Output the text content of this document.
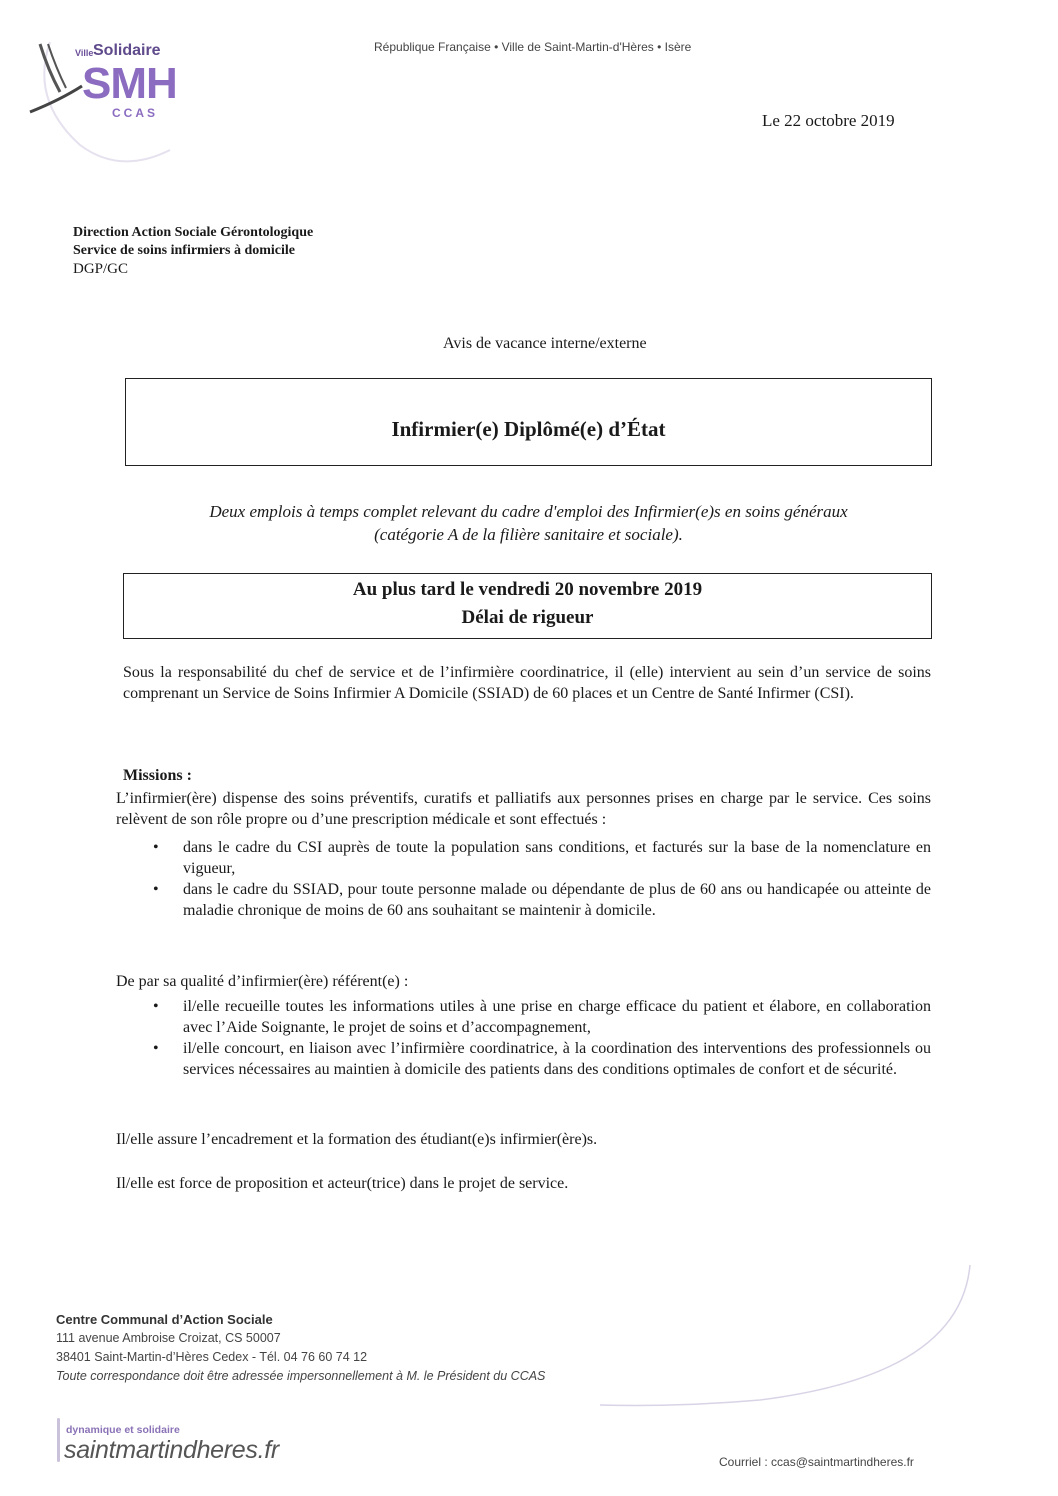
Ville Solidaire
SMH
CCAS
République Française • Ville de Saint-Martin-d'Hères • Isère
Le 22 octobre 2019
Direction Action Sociale Gérontologique
Service de soins infirmiers à domicile
DGP/GC
Avis de vacance interne/externe
Infirmier(e) Diplômé(e) d’État
Deux emplois à temps complet relevant du cadre d'emploi des Infirmier(e)s en soins généraux
(catégorie A de la filière sanitaire et sociale).
Au plus tard le vendredi 20 novembre 2019
Délai de rigueur
Sous la responsabilité du chef de service et de l’infirmière coordinatrice, il (elle) intervient au sein d’un service de soins comprenant un Service de Soins Infirmier A Domicile (SSIAD) de 60 places et un Centre de Santé Infirmer (CSI).
Missions :
L’infirmier(ère) dispense des soins préventifs, curatifs et palliatifs aux personnes prises en charge par le service. Ces soins relèvent de son rôle propre ou d’une prescription médicale et sont effectués :
• dans le cadre du CSI auprès de toute la population sans conditions, et facturés sur la base de la nomenclature en vigueur,
• dans le cadre du SSIAD, pour toute personne malade ou dépendante de plus de 60 ans ou handicapée ou atteinte de maladie chronique de moins de 60 ans souhaitant se maintenir à domicile.
De par sa qualité d’infirmier(ère) référent(e) :
• il/elle recueille toutes les informations utiles à une prise en charge efficace du patient et élabore, en collaboration avec l’Aide Soignante, le projet de soins et d’accompagnement,
• il/elle concourt, en liaison avec l’infirmière coordinatrice, à la coordination des interventions des professionnels ou services nécessaires au maintien à domicile des patients dans des conditions optimales de confort et de sécurité.
Il/elle assure l’encadrement et la formation des étudiant(e)s infirmier(ère)s.
Il/elle est force de proposition et acteur(trice) dans le projet de service.
Centre Communal d’Action Sociale
111 avenue Ambroise Croizat, CS 50007
38401 Saint-Martin-d’Hères Cedex - Tél. 04 76 60 74 12
Toute correspondance doit être adressée impersonnellement à M. le Président du CCAS
dynamique et solidaire
saintmartindheres.fr	Courriel : ccas@saintmartindheres.fr
